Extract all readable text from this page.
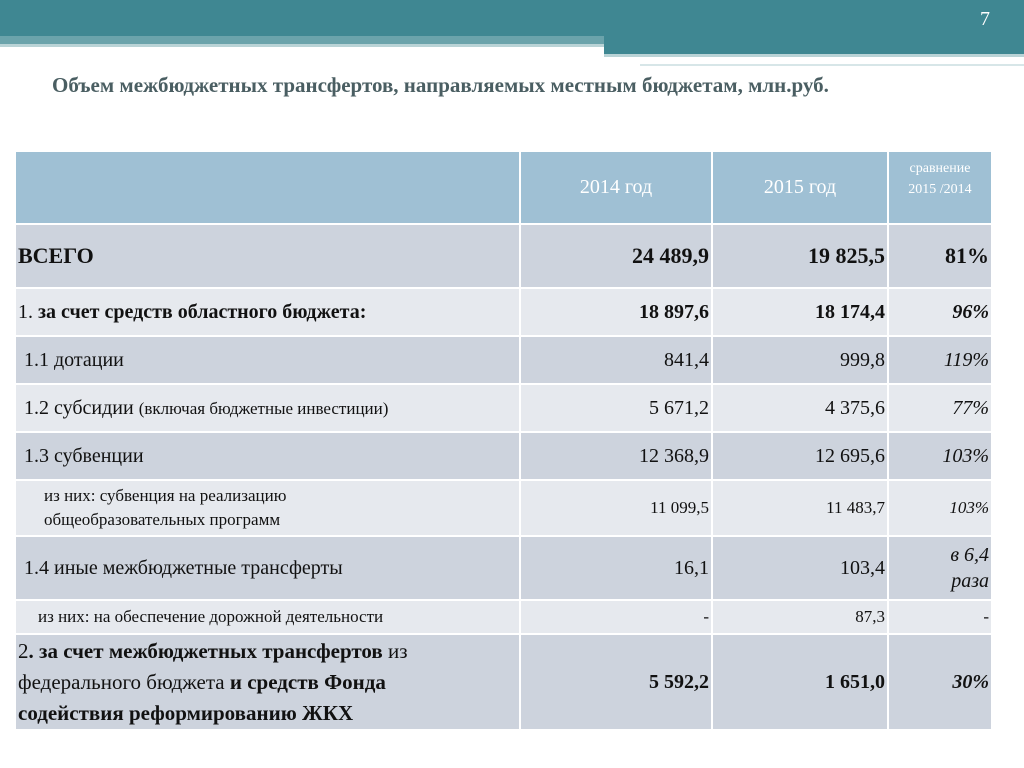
7
Объем межбюджетных трансфертов, направляемых местным бюджетам, млн.руб.
	2014 год	2015 год	сравнение
2015 /2014

ВСЕГО	24 489,9	19 825,5	81%
1. за счет средств областного бюджета:	18 897,6	18 174,4	96%
1.1 дотации	841,4	999,8	119%
1.2 субсидии (включая бюджетные инвестиции)	5 671,2	4 375,6	77%
1.3 субвенции	12 368,9	12 695,6	103%

из них: субвенция на реализацию
общеобразовательных программ	11 099,5	11 483,7	103%
1.4 иные межбюджетные трансферты	16,1	103,4	в 6,4
раза

из них: на обеспечение дорожной деятельности	-	87,3	-
2. за счет межбюджетных трансфертов из
федерального бюджета и средств Фонда
содействия реформированию ЖКХ	5 592,2	1 651,0	30%
